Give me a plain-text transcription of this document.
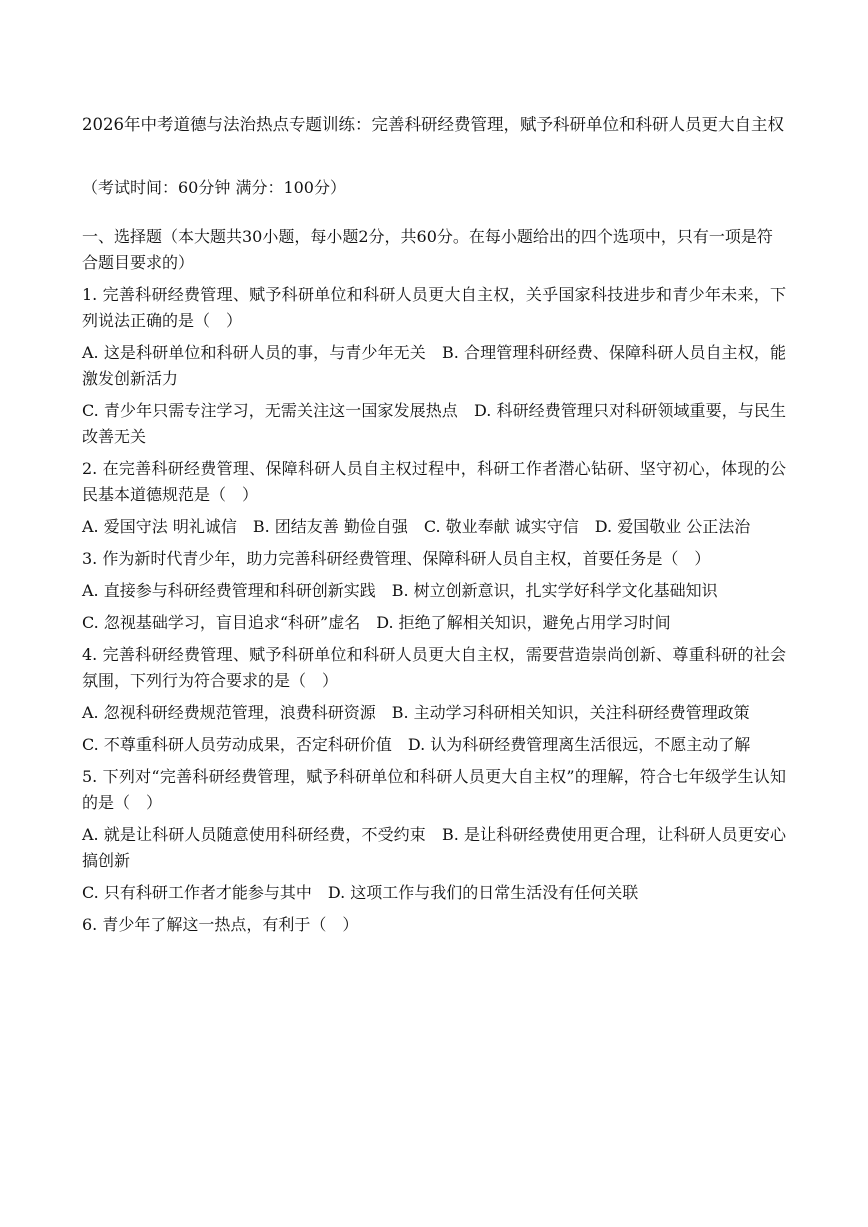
2026年中考道德与法治热点专题训练：完善科研经费管理，赋予科研单位和科研人员更大自主权
（考试时间：60分钟 满分：100分）
一、选择题（本大题共30小题，每小题2分，共60分。在每小题给出的四个选项中，只有一项是符合题目要求的）
1. 完善科研经费管理、赋予科研单位和科研人员更大自主权，关乎国家科技进步和青少年未来，下列说法正确的是（　）
A. 这是科研单位和科研人员的事，与青少年无关　B. 合理管理科研经费、保障科研人员自主权，能激发创新活力
C. 青少年只需专注学习，无需关注这一国家发展热点　D. 科研经费管理只对科研领域重要，与民生改善无关
2. 在完善科研经费管理、保障科研人员自主权过程中，科研工作者潜心钻研、坚守初心，体现的公民基本道德规范是（　）
A. 爱国守法 明礼诚信　B. 团结友善 勤俭自强　C. 敬业奉献 诚实守信　D. 爱国敬业 公正法治
3. 作为新时代青少年，助力完善科研经费管理、保障科研人员自主权，首要任务是（　）
A. 直接参与科研经费管理和科研创新实践　B. 树立创新意识，扎实学好科学文化基础知识
C. 忽视基础学习，盲目追求“科研”虚名　D. 拒绝了解相关知识，避免占用学习时间
4. 完善科研经费管理、赋予科研单位和科研人员更大自主权，需要营造崇尚创新、尊重科研的社会氛围，下列行为符合要求的是（　）
A. 忽视科研经费规范管理，浪费科研资源　B. 主动学习科研相关知识，关注科研经费管理政策
C. 不尊重科研人员劳动成果，否定科研价值　D. 认为科研经费管理离生活很远，不愿主动了解
5. 下列对“完善科研经费管理，赋予科研单位和科研人员更大自主权”的理解，符合七年级学生认知的是（　）
A. 就是让科研人员随意使用科研经费，不受约束　B. 是让科研经费使用更合理，让科研人员更安心搞创新
C. 只有科研工作者才能参与其中　D. 这项工作与我们的日常生活没有任何关联
6. 青少年了解这一热点，有利于（　）
